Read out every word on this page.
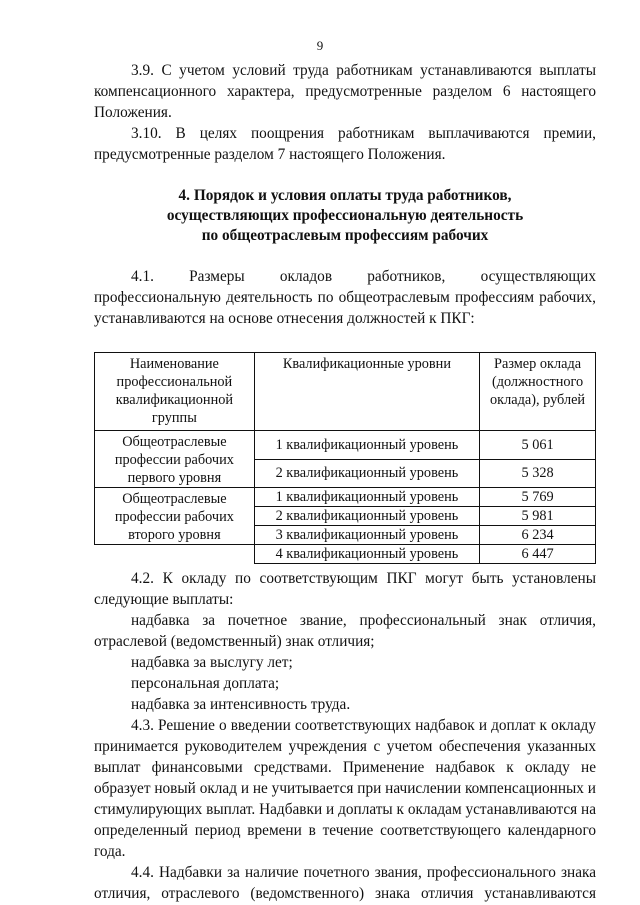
9

3.9. С учетом условий труда работникам устанавливаются выплаты компенсационного характера, предусмотренные разделом 6 настоящего Положения.

3.10. В целях поощрения работникам выплачиваются премии, предусмотренные разделом 7 настоящего Положения.

4. Порядок и условия оплаты труда работников,
осуществляющих профессиональную деятельность
по общеотраслевым профессиям рабочих

4.1. Размеры окладов работников, осуществляющих профессиональную деятельность по общеотраслевым профессиям рабочих, устанавливаются на основе отнесения должностей к ПКГ:

Наименование профессиональной квалификационной группы	Квалификационные уровни	Размер оклада (должностного оклада), рублей
Общеотраслевые профессии рабочих первого уровня	1 квалификационный уровень	5 061
	2 квалификационный уровень	5 328
Общеотраслевые профессии рабочих второго уровня	1 квалификационный уровень	5 769
	2 квалификационный уровень	5 981
	3 квалификационный уровень	6 234
	4 квалификационный уровень	6 447

4.2. К окладу по соответствующим ПКГ могут быть установлены следующие выплаты:

надбавка за почетное звание, профессиональный знак отличия, отраслевой (ведомственный) знак отличия;

надбавка за выслугу лет;

персональная доплата;

надбавка за интенсивность труда.

4.3. Решение о введении соответствующих надбавок и доплат к окладу принимается руководителем учреждения с учетом обеспечения указанных выплат финансовыми средствами. Применение надбавок к окладу не образует новый оклад и не учитывается при начислении компенсационных и стимулирующих выплат. Надбавки и доплаты к окладам устанавливаются на определенный период времени в течение соответствующего календарного года.

4.4. Надбавки за наличие почетного звания, профессионального знака отличия, отраслевого (ведомственного) знака отличия устанавливаются
